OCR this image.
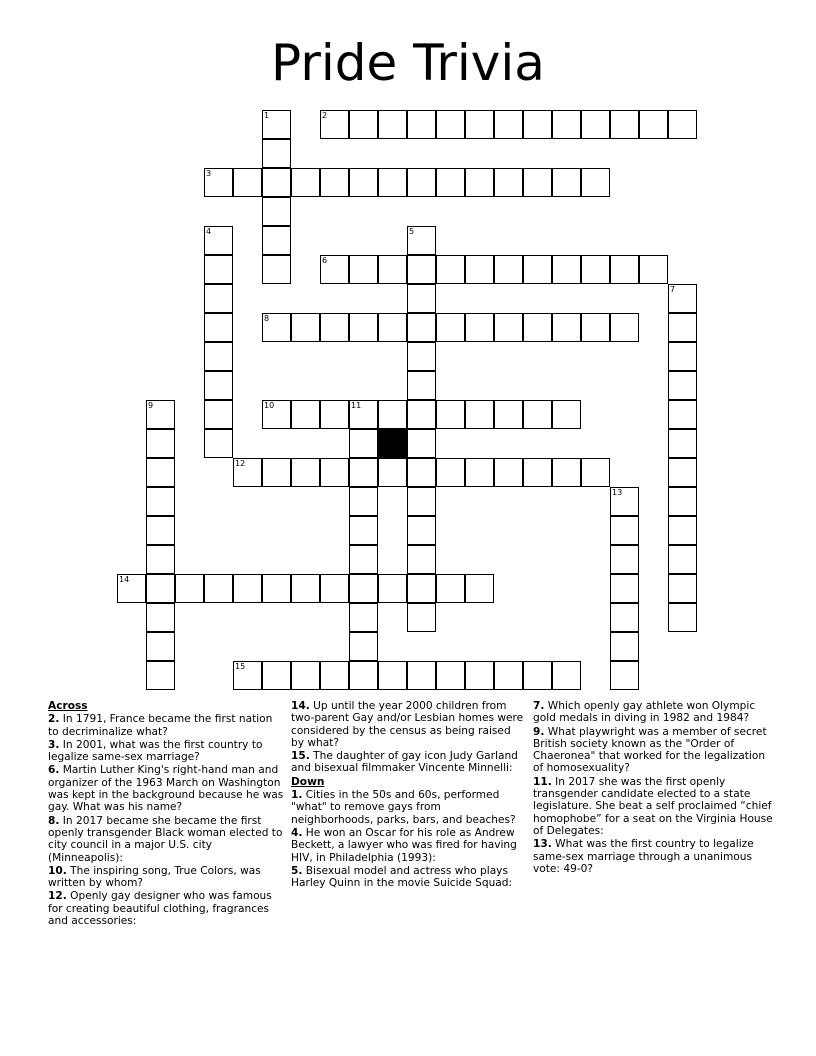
Pride Trivia
1	2
3
4	5
6
7
8
9	10	11
12
13
14
15
Across
2. In 1791, France became the first nation to decriminalize what?
3. In 2001, what was the first country to legalize same-sex marriage?
6. Martin Luther King's right-hand man and organizer of the 1963 March on Washington was kept in the background because he was gay. What was his name?
8. In 2017 became she became the first openly transgender Black woman elected to city council in a major U.S. city (Minneapolis):
10. The inspiring song, True Colors, was written by whom?
12. Openly gay designer who was famous for creating beautiful clothing, fragrances and accessories:
14. Up until the year 2000 children from two-parent Gay and/or Lesbian homes were considered by the census as being raised by what?
15. The daughter of gay icon Judy Garland and bisexual filmmaker Vincente Minnelli:
Down
1. Cities in the 50s and 60s, performed "what" to remove gays from neighborhoods, parks, bars, and beaches?
4. He won an Oscar for his role as Andrew Beckett, a lawyer who was fired for having HIV, in Philadelphia (1993):
5. Bisexual model and actress who plays Harley Quinn in the movie Suicide Squad:
7. Which openly gay athlete won Olympic gold medals in diving in 1982 and 1984?
9. What playwright was a member of secret British society known as the "Order of Chaeronea" that worked for the legalization of homosexuality?
11. In 2017 she was the first openly transgender candidate elected to a state legislature. She beat a self proclaimed “chief homophobe” for a seat on the Virginia House of Delegates:
13. What was the first country to legalize same-sex marriage through a unanimous vote: 49-0?
